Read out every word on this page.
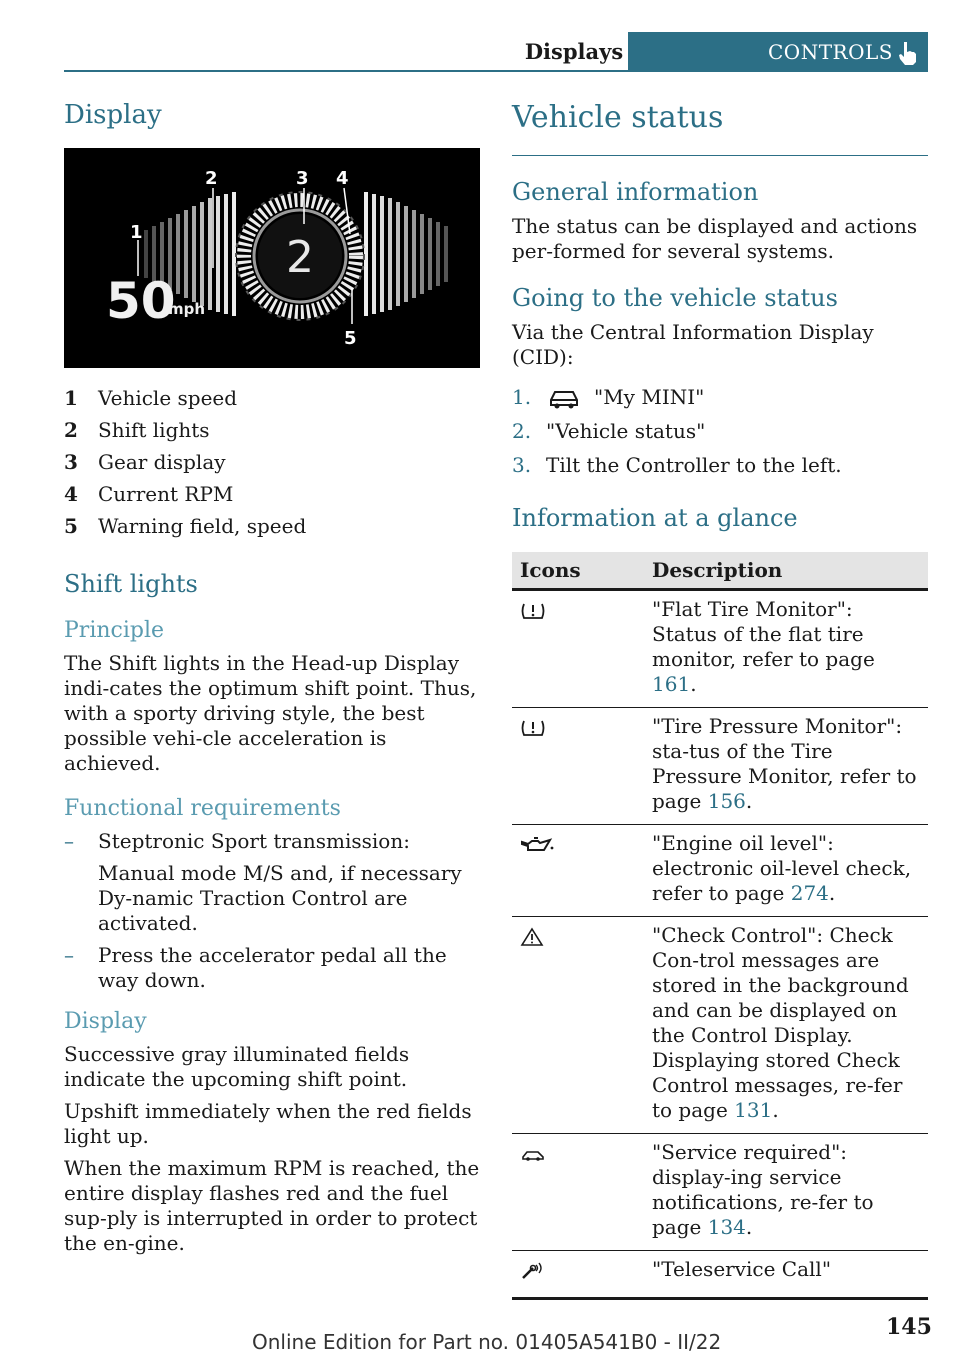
Displays	CONTROLS
Display
2
50
mph
1
2	3 4
5
1	Vehicle speed
2	Shift lights
3	Gear display
4	Current RPM
5	Warning field, speed
Shift lights
Principle

The Shift lights in the Head-up Display indi-cates the optimum shift point. Thus, with a sporty driving style, the best possible vehi-cle acceleration is achieved.

Functional requirements
–	Steptronic Sport transmission:
Manual mode M/S and, if necessary Dy-namic Traction Control are activated.
–	Press the accelerator pedal all the way down.
Display

Successive gray illuminated fields indicate the upcoming shift point.

Upshift immediately when the red fields light up.

When the maximum RPM is reached, the entire display flashes red and the fuel sup-ply is interrupted in order to protect the en-gine.

Vehicle status
General information

The status can be displayed and actions per-formed for several systems.

Going to the vehicle status

Via the Central Information Display (CID):

1.	"My MINI"
2. "Vehicle status"
3. Tilt the Controller to the left.
Information at a glance
Icons	Description
	"Flat Tire Monitor": Status of the flat tire monitor, refer to page 161.
	"Tire Pressure Monitor": sta-tus of the Tire Pressure Monitor, refer to page 156.
	"Engine oil level": electronic oil-level check, refer to page 274.
	"Check Control": Check Con-trol messages are stored in the background and can be displayed on the Control Display. Displaying stored Check Control messages, re-fer to page 131.
	"Service required": display-ing service notifications, re-fer to page 134.
	"Teleservice Call"
145
Online Edition for Part no. 01405A541B0 - II/22
